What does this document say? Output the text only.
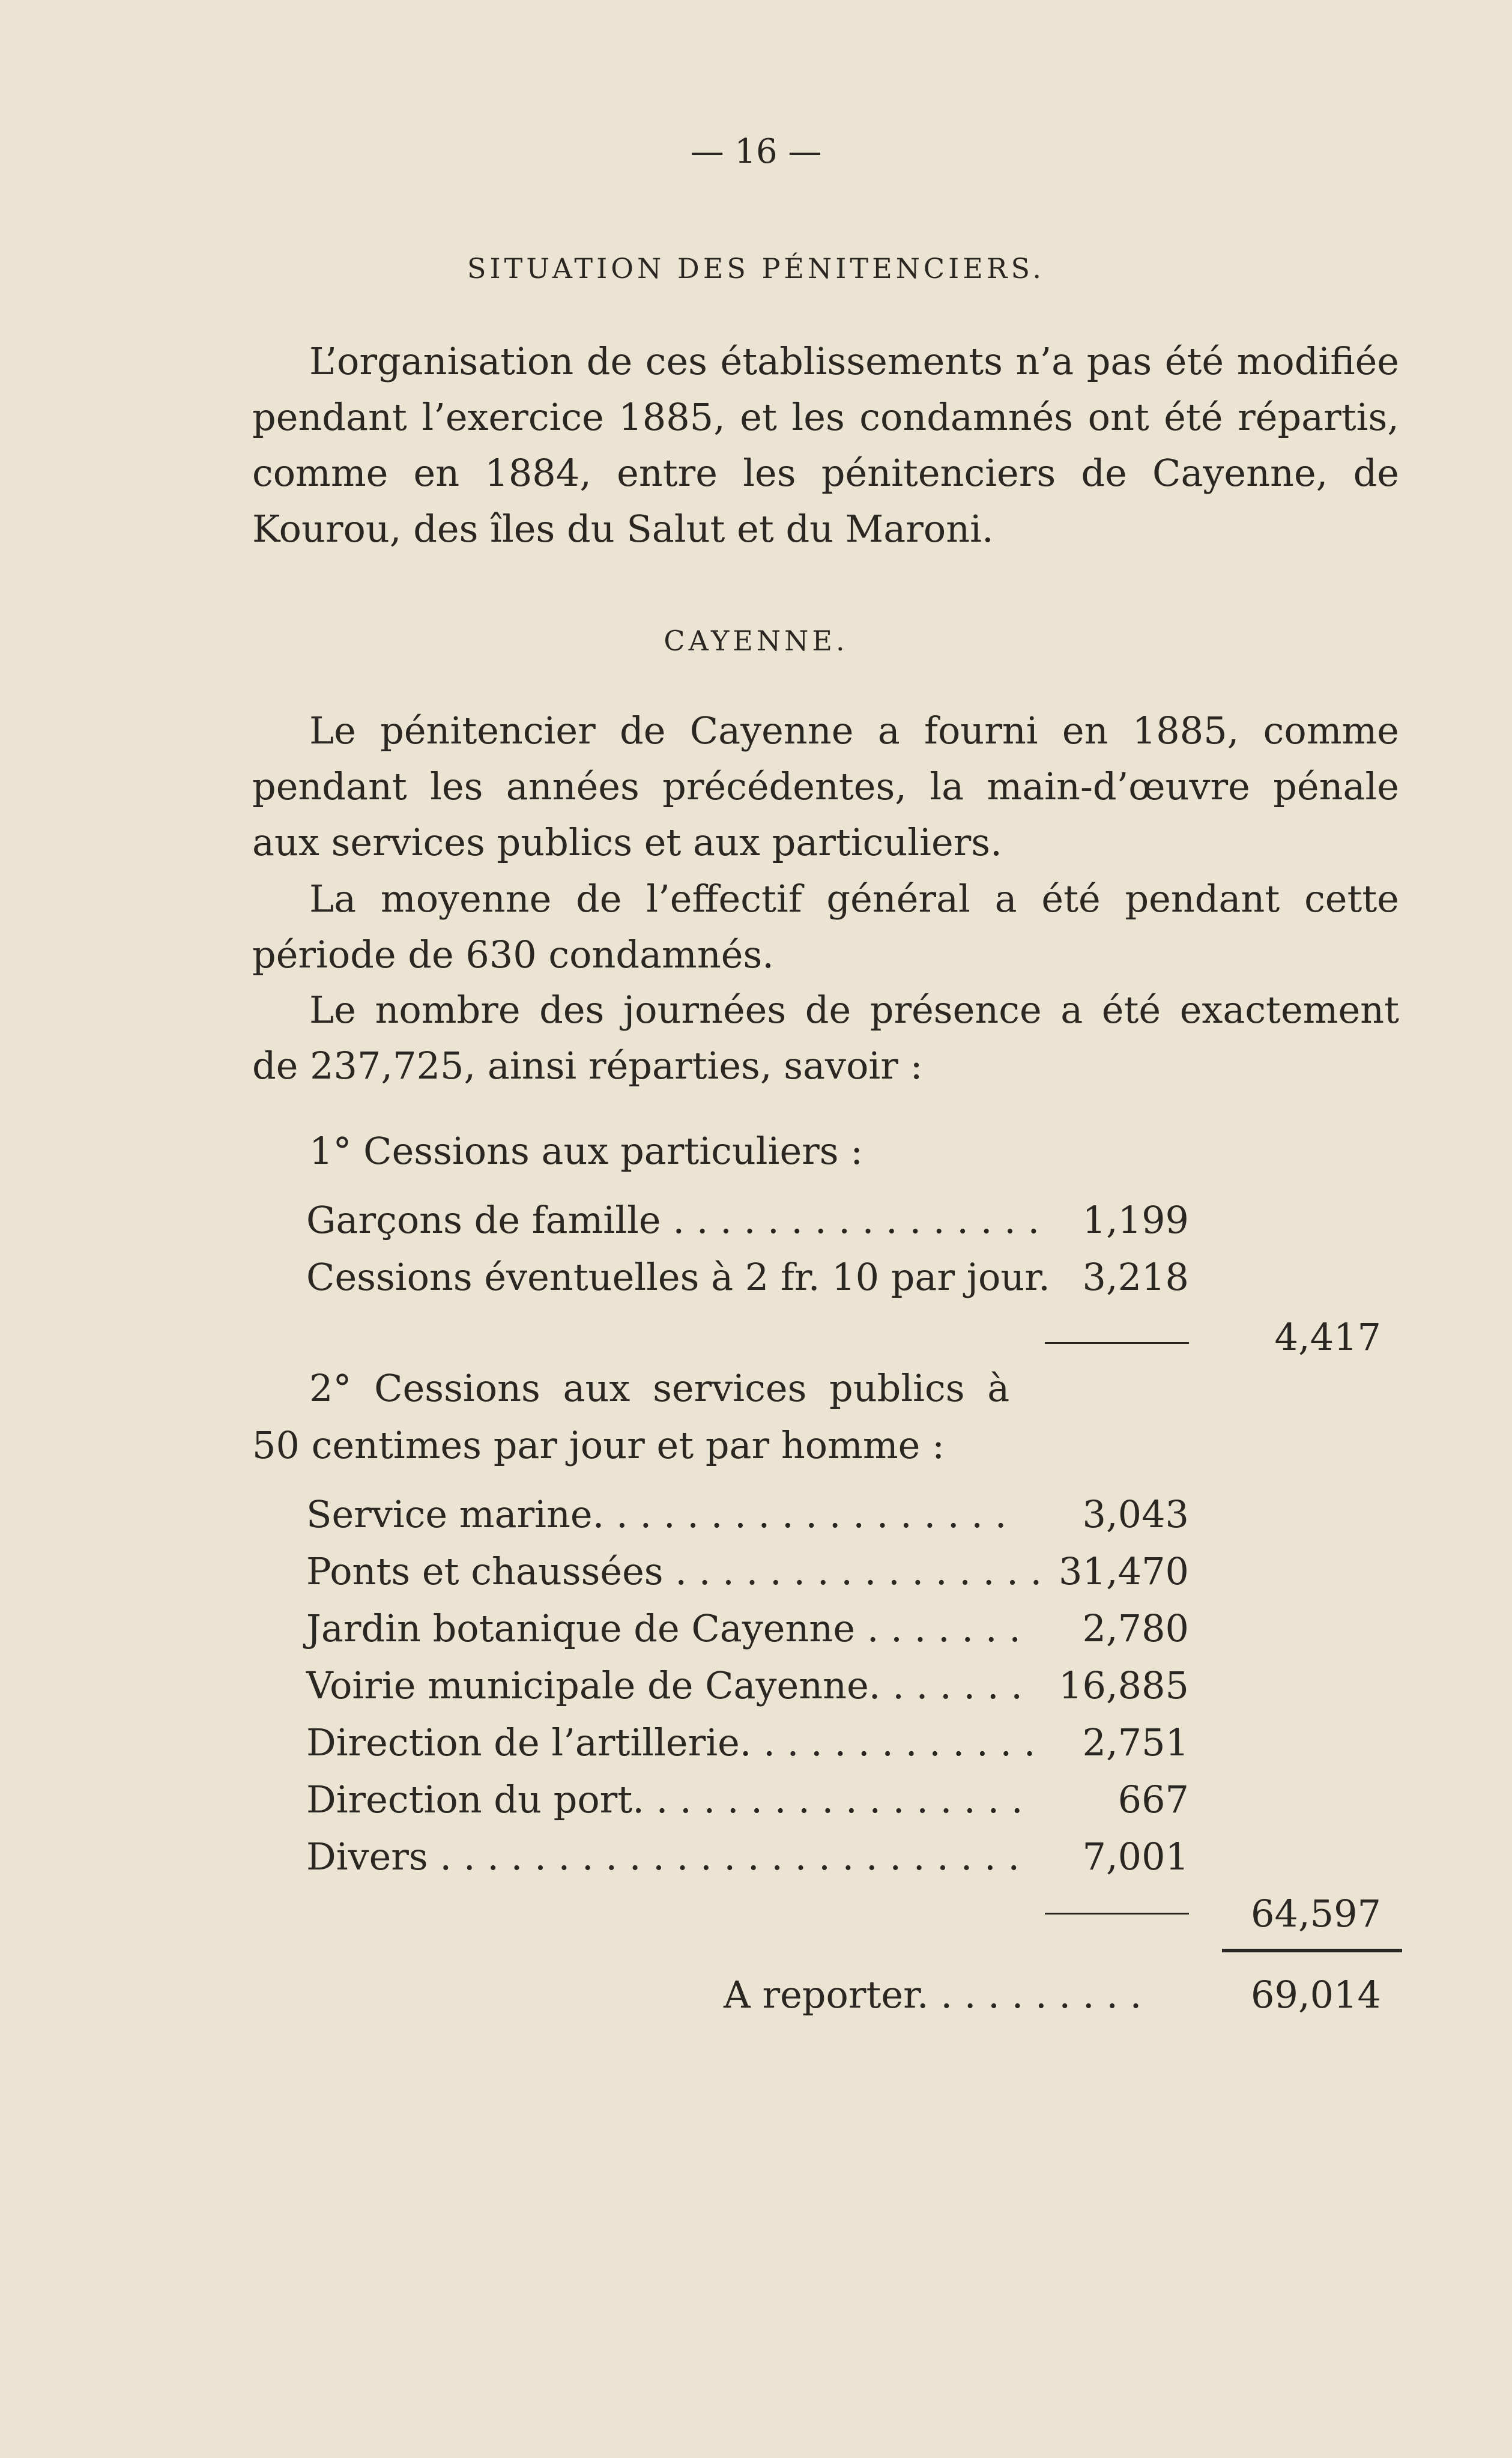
— 16 —
SITUATION DES PÉNITENCIERS.
L’organisation de ces établissements n’a pas été modifiée pendant l’exercice 1885, et les condamnés ont été répartis, comme en 1884, entre les pénitenciers de Cayenne, de Kourou, des îles du Salut et du Maroni.
CAYENNE.
Le pénitencier de Cayenne a fourni en 1885, comme pendant les années précédentes, la main-d’œuvre pénale aux services publics et aux particuliers.
La moyenne de l’effectif général a été pendant cette période de 630 condamnés.
Le nombre des journées de présence a été exactement de 237,725, ainsi réparties, savoir :
1° Cessions aux particuliers :
Garçons de famille . . . . . . . . . . . . . . . .	1,199
Cessions éventuelles à 2 fr. 10 par jour. 3,218
4,417
2° Cessions aux services publics à
50 centimes par jour et par homme :
Service marine. . . . . . . . . . . . . . . . . .	3,043
Ponts et chaussées . . . . . . . . . . . . . . . . 31,470
Jardin botanique de Cayenne . . . . . . .	2,780
Voirie municipale de Cayenne. . . . . . . 16,885
Direction de l’artillerie. . . . . . . . . . . . .	2,751
Direction du port. . . . . . . . . . . . . . . . .	667
Divers . . . . . . . . . . . . . . . . . . . . . . . . .	7,001
64,597
A reporter. . . . . . . . . .	69,014
